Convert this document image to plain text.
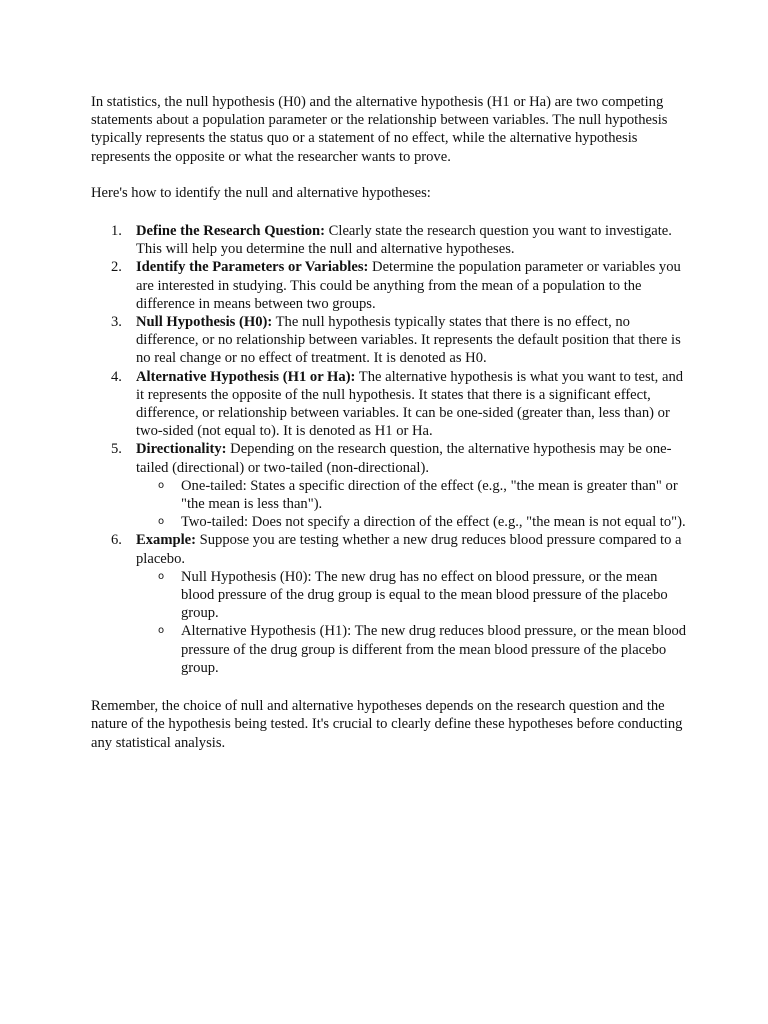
In statistics, the null hypothesis (H0) and the alternative hypothesis (H1 or Ha) are two competing statements about a population parameter or the relationship between variables. The null hypothesis typically represents the status quo or a statement of no effect, while the alternative hypothesis represents the opposite or what the researcher wants to prove.

Here's how to identify the null and alternative hypotheses:

1. Define the Research Question: Clearly state the research question you want to investigate. This will help you determine the null and alternative hypotheses.
2. Identify the Parameters or Variables: Determine the population parameter or variables you are interested in studying. This could be anything from the mean of a population to the difference in means between two groups.
3. Null Hypothesis (H0): The null hypothesis typically states that there is no effect, no difference, or no relationship between variables. It represents the default position that there is no real change or no effect of treatment. It is denoted as H0.
4. Alternative Hypothesis (H1 or Ha): The alternative hypothesis is what you want to test, and it represents the opposite of the null hypothesis. It states that there is a significant effect, difference, or relationship between variables. It can be one-sided (greater than, less than) or two-sided (not equal to). It is denoted as H1 or Ha.
5. Directionality: Depending on the research question, the alternative hypothesis may be one-tailed (directional) or two-tailed (non-directional).
o One-tailed: States a specific direction of the effect (e.g., "the mean is greater than" or "the mean is less than").
o Two-tailed: Does not specify a direction of the effect (e.g., "the mean is not equal to").
6. Example: Suppose you are testing whether a new drug reduces blood pressure compared to a placebo.
o Null Hypothesis (H0): The new drug has no effect on blood pressure, or the mean blood pressure of the drug group is equal to the mean blood pressure of the placebo group.
o Alternative Hypothesis (H1): The new drug reduces blood pressure, or the mean blood pressure of the drug group is different from the mean blood pressure of the placebo group.

Remember, the choice of null and alternative hypotheses depends on the research question and the nature of the hypothesis being tested. It's crucial to clearly define these hypotheses before conducting any statistical analysis.
